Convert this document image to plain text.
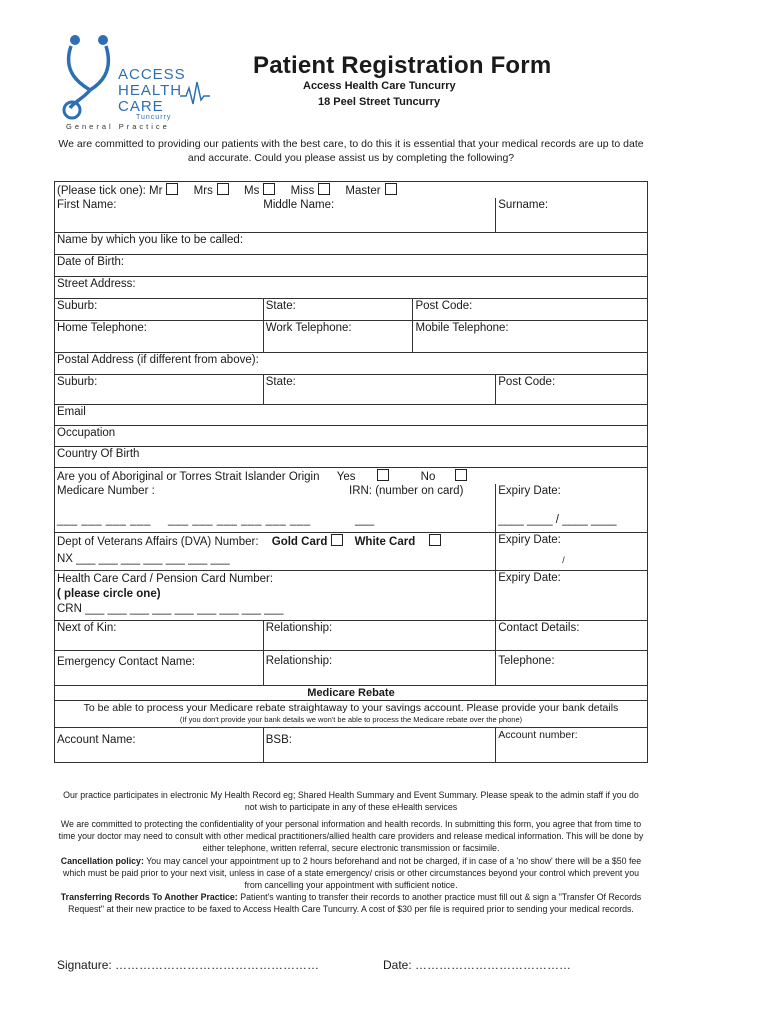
ACCESS
HEALTH
CARE
Tuncurry
General Practice
Patient Registration Form
Access Health Care Tuncurry
18 Peel Street Tuncurry
We are committed to providing our patients with the best care, to do this it is essential that your medical records are up to date and accurate. Could you please assist us by completing the following?
(Please tick one): Mr Mrs Ms Miss Master			
First Name:	Middle Name:		Surname:
Name by which you like to be called:			
Date of Birth:			
Street Address:			
Suburb:	State:	Post Code:	
Home Telephone:	Work Telephone:	Mobile Telephone:	
Postal Address (if different from above):			
Suburb:	State:		Post Code:
Email			
Occupation			
Country Of Birth			
Are you of Aboriginal or Torres Strait Islander Origin Yes No			
Medicare Number : IRN: (number on card)
___ ___ ___ ___ ___ ___ ___ ___ ___ ___ ___			Expiry Date:
____ ____ / ____ ____

Dept of Veterans Affairs (DVA) Number: Gold Card White Card
NX ___ ___ ___ ___ ___ ___ ___			Expiry Date:
/

Health Care Card / Pension Card Number:
( please circle one)
CRN ___ ___ ___ ___ ___ ___ ___ ___ ___			Expiry Date:
Next of Kin:	Relationship:		Contact Details:
Emergency Contact Name:	Relationship:		Telephone:
Medicare Rebate			

To be able to process your Medicare rebate straightaway to your savings account. Please provide your bank details
(If you don't provide your bank details we won't be able to process the Medicare rebate over the phone)			

Account Name:	BSB:		Account number:
Our practice participates in electronic My Health Record eg; Shared Health Summary and Event Summary. Please speak to the admin staff if you do not wish to participate in any of these eHealth services
We are committed to protecting the confidentiality of your personal information and health records. In submitting this form, you agree that from time to time your doctor may need to consult with other medical practitioners/allied health care providers and release medical information. This will be done by either telephone, written referral, secure electronic transmission or facsimile.
Cancellation policy: You may cancel your appointment up to 2 hours beforehand and not be charged, if in case of a 'no show' there will be a $50 fee which must be paid prior to your next visit, unless in case of a state emergency/ crisis or other circumstances beyond your control which prevent you from cancelling your appointment with sufficient notice.
Transferring Records To Another Practice: Patient's wanting to transfer their records to another practice must fill out & sign a "Transfer Of Records Request" at their new practice to be faxed to Access Health Care Tuncurry. A cost of $30 per file is required prior to sending your medical records.
Signature: ……………………………………………	Date: …………………………………
